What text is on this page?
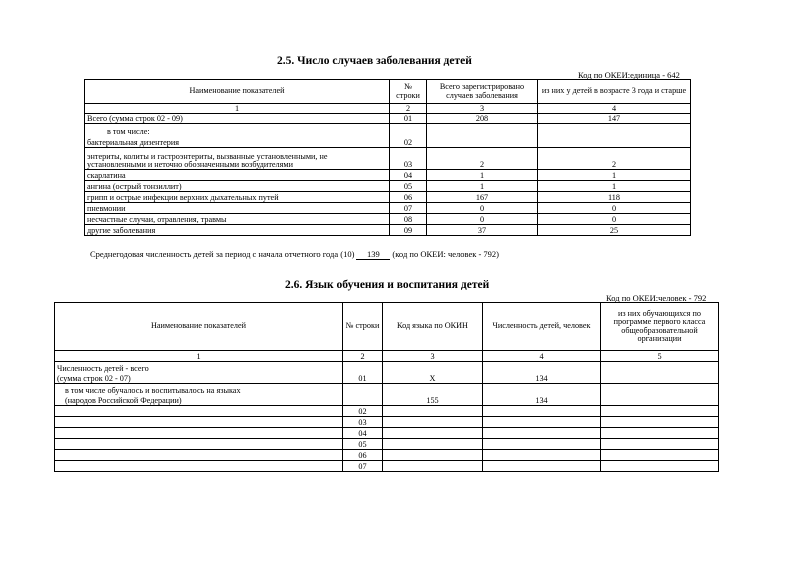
2.5. Число случаев заболевания детей
Код по ОКЕИ:единица - 642
Наименование показателей	№ строки	Всего зарегистрировано случаев заболевания	из них у детей в возрасте 3 года и старше
1	2	3	4
Всего (сумма строк 02 - 09)	01	208	147

в том числе:
бактериальная дизентерия	02		
энтериты, колиты и гастроэнтериты, вызванные установленными, не установленными и неточно обозначенными возбудителями	03	2	2
скарлатина	04	1	1
ангина (острый тонзиллит)	05	1	1
грипп и острые инфекции верхних дыхательных путей	06	167	118
пневмонии	07	0	0
несчастные случаи, отравления, травмы	08	0	0
другие заболевания	09	37	25
Среднегодовая численность детей за период с начала отчетного года (10) 139 (код по ОКЕИ: человек - 792)
2.6. Язык обучения и воспитания детей
Код по ОКЕИ:человек - 792
Наименование показателей	№ строки	Код языка по ОКИН	Численность детей, человек	из них обучающихся по программе первого класса общеобразовательной организации
1	2	3	4	5

Численность детей - всего
(сумма строк 02 - 07)	01	X	134	

в том числе обучалось и воспитывалось на языках
(народов Российской Федерации)		155	134	
	02			
	03			
	04			
	05			
	06			
	07			
